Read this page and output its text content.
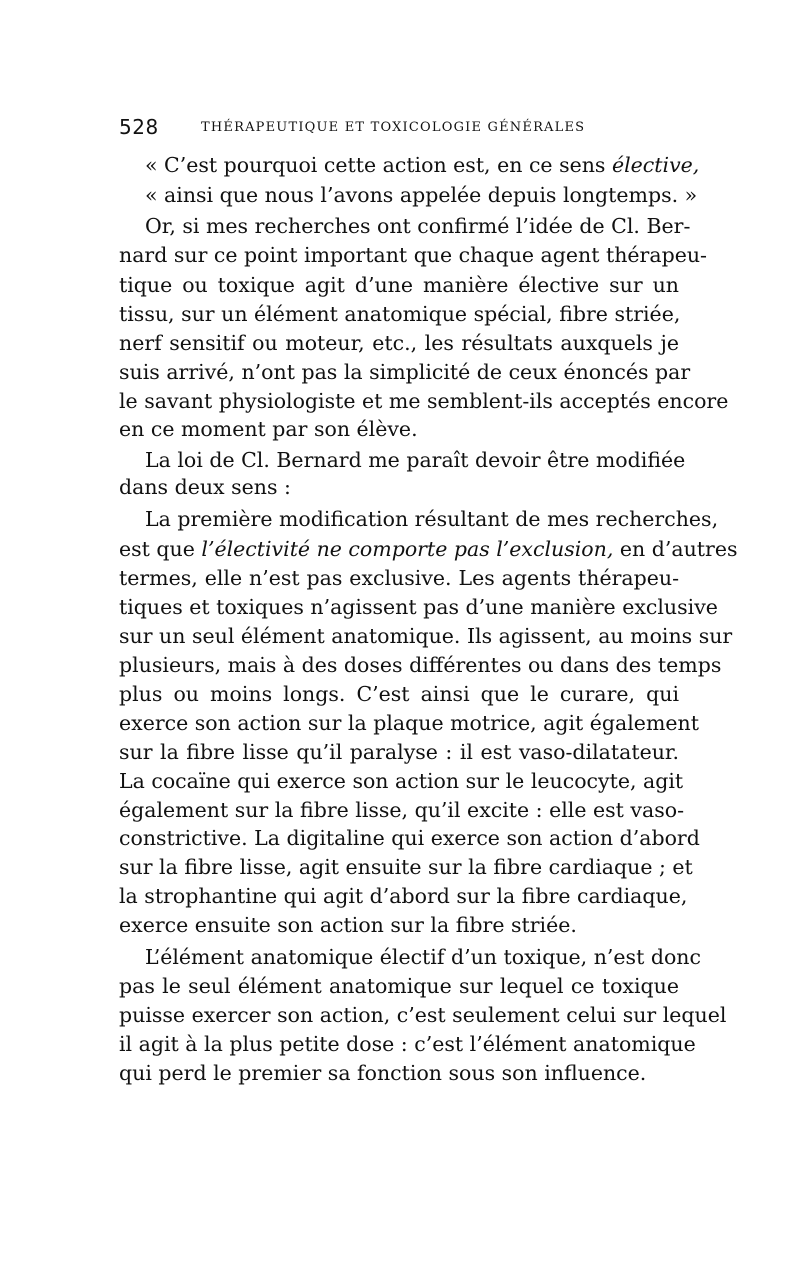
528	THÉRAPEUTIQUE ET TOXICOLOGIE GÉNÉRALES
« C’est pourquoi cette action est, en ce sens élective,
« ainsi que nous l’avons appelée depuis longtemps. »
Or, si mes recherches ont confirmé l’idée de Cl. Ber-
nard sur ce point important que chaque agent thérapeu-
tique ou toxique agit d’une manière élective sur un
tissu, sur un élément anatomique spécial, fibre striée,
nerf sensitif ou moteur, etc., les résultats auxquels je
suis arrivé, n’ont pas la simplicité de ceux énoncés par
le savant physiologiste et me semblent-ils acceptés encore
en ce moment par son élève.
La loi de Cl. Bernard me paraît devoir être modifiée
dans deux sens :
La première modification résultant de mes recherches,
est que l’électivité ne comporte pas l’exclusion, en d’autres
termes, elle n’est pas exclusive. Les agents thérapeu-
tiques et toxiques n’agissent pas d’une manière exclusive
sur un seul élément anatomique. Ils agissent, au moins sur
plusieurs, mais à des doses différentes ou dans des temps
plus ou moins longs. C’est ainsi que le curare, qui
exerce son action sur la plaque motrice, agit également
sur la fibre lisse qu’il paralyse : il est vaso-dilatateur.
La cocaïne qui exerce son action sur le leucocyte, agit
également sur la fibre lisse, qu’il excite : elle est vaso-
constrictive. La digitaline qui exerce son action d’abord
sur la fibre lisse, agit ensuite sur la fibre cardiaque ; et
la strophantine qui agit d’abord sur la fibre cardiaque,
exerce ensuite son action sur la fibre striée.
L’élément anatomique électif d’un toxique, n’est donc
pas le seul élément anatomique sur lequel ce toxique
puisse exercer son action, c’est seulement celui sur lequel
il agit à la plus petite dose : c’est l’élément anatomique
qui perd le premier sa fonction sous son influence.
